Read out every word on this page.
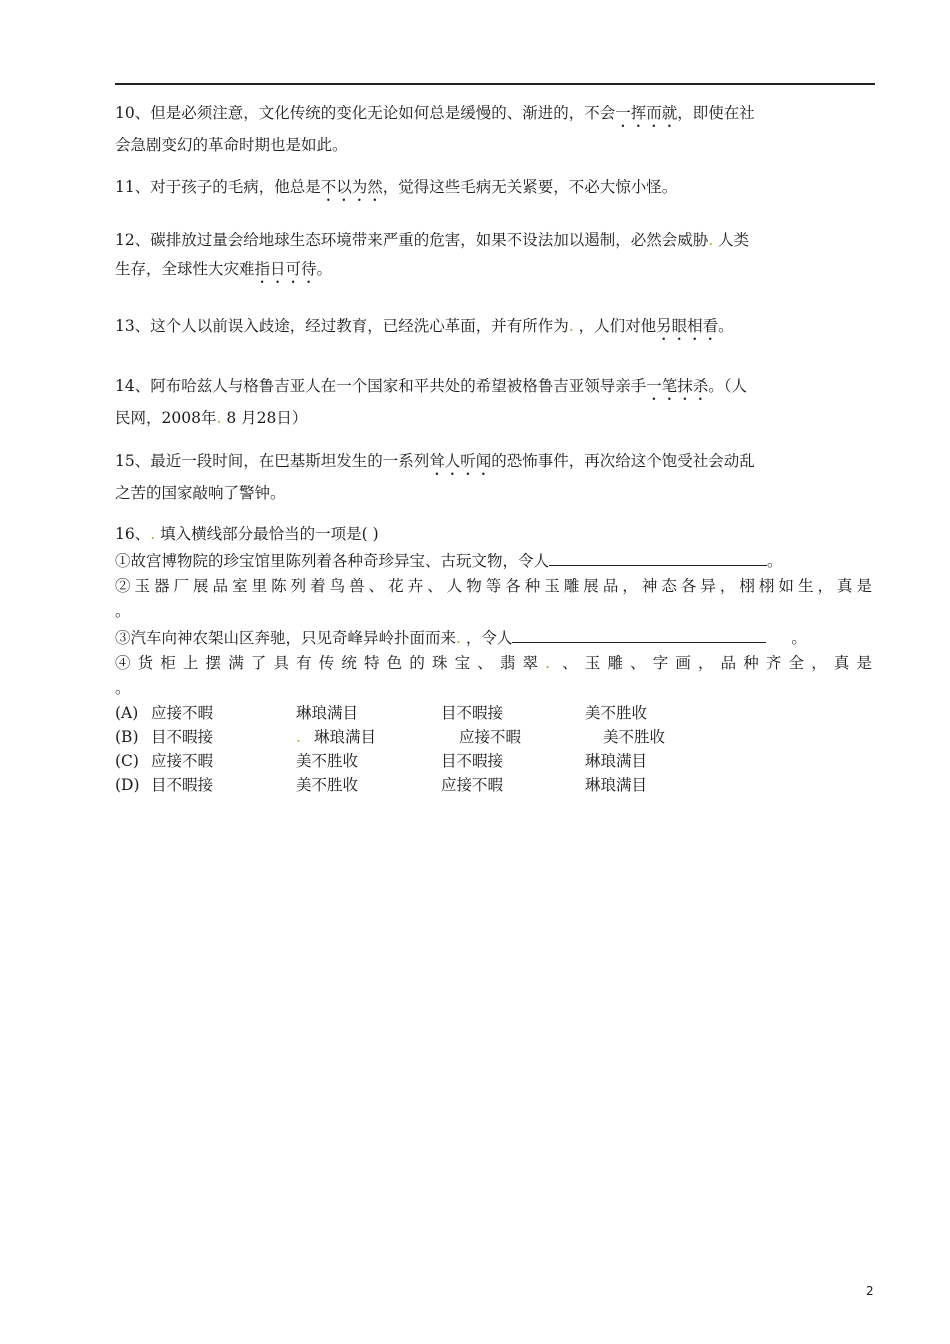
10、但是必须注意，文化传统的变化无论如何总是缓慢的、渐进的，不会一挥而就，即使在社
会急剧变幻的革命时期也是如此。
11、对于孩子的毛病，他总是不以为然，觉得这些毛病无关紧要，不必大惊小怪。
12、碳排放过量会给地球生态环境带来严重的危害，如果不设法加以遏制，必然会威胁. 人类
生存，全球性大灾难指日可待。
13、这个人以前误入歧途，经过教育，已经洗心革面，并有所作为. ，人们对他另眼相看。
14、阿布哈兹人与格鲁吉亚人在一个国家和平共处的希望被格鲁吉亚领导亲手一笔抹杀。（人
民网，2008年. 8 月28日）
15、最近一段时间，在巴基斯坦发生的一系列耸人听闻的恐怖事件，再次给这个饱受社会动乱
之苦的国家敲响了警钟。
16、. 填入横线部分最恰当的一项是( )
①故宫博物院的珍宝馆里陈列着各种奇珍异宝、古玩文物，令人	。
②玉器厂展品室里陈列着鸟兽、花卉、人物等各种玉雕展品，神态各异，栩栩如生，真是
。
③汽车向神农架山区奔驰，只见奇峰异岭扑面而来. ，令人	。
④货柜上摆满了具有传统特色的珠宝、翡翠. 、玉雕、字画，品种齐全，真是
。
(A) 应接不暇	琳琅满目	目不暇接	美不胜收
(B) 目不暇接	. 琳琅满目	应接不暇	美不胜收
(C) 应接不暇	美不胜收	目不暇接	琳琅满目
(D) 目不暇接	美不胜收	应接不暇	琳琅满目
2
